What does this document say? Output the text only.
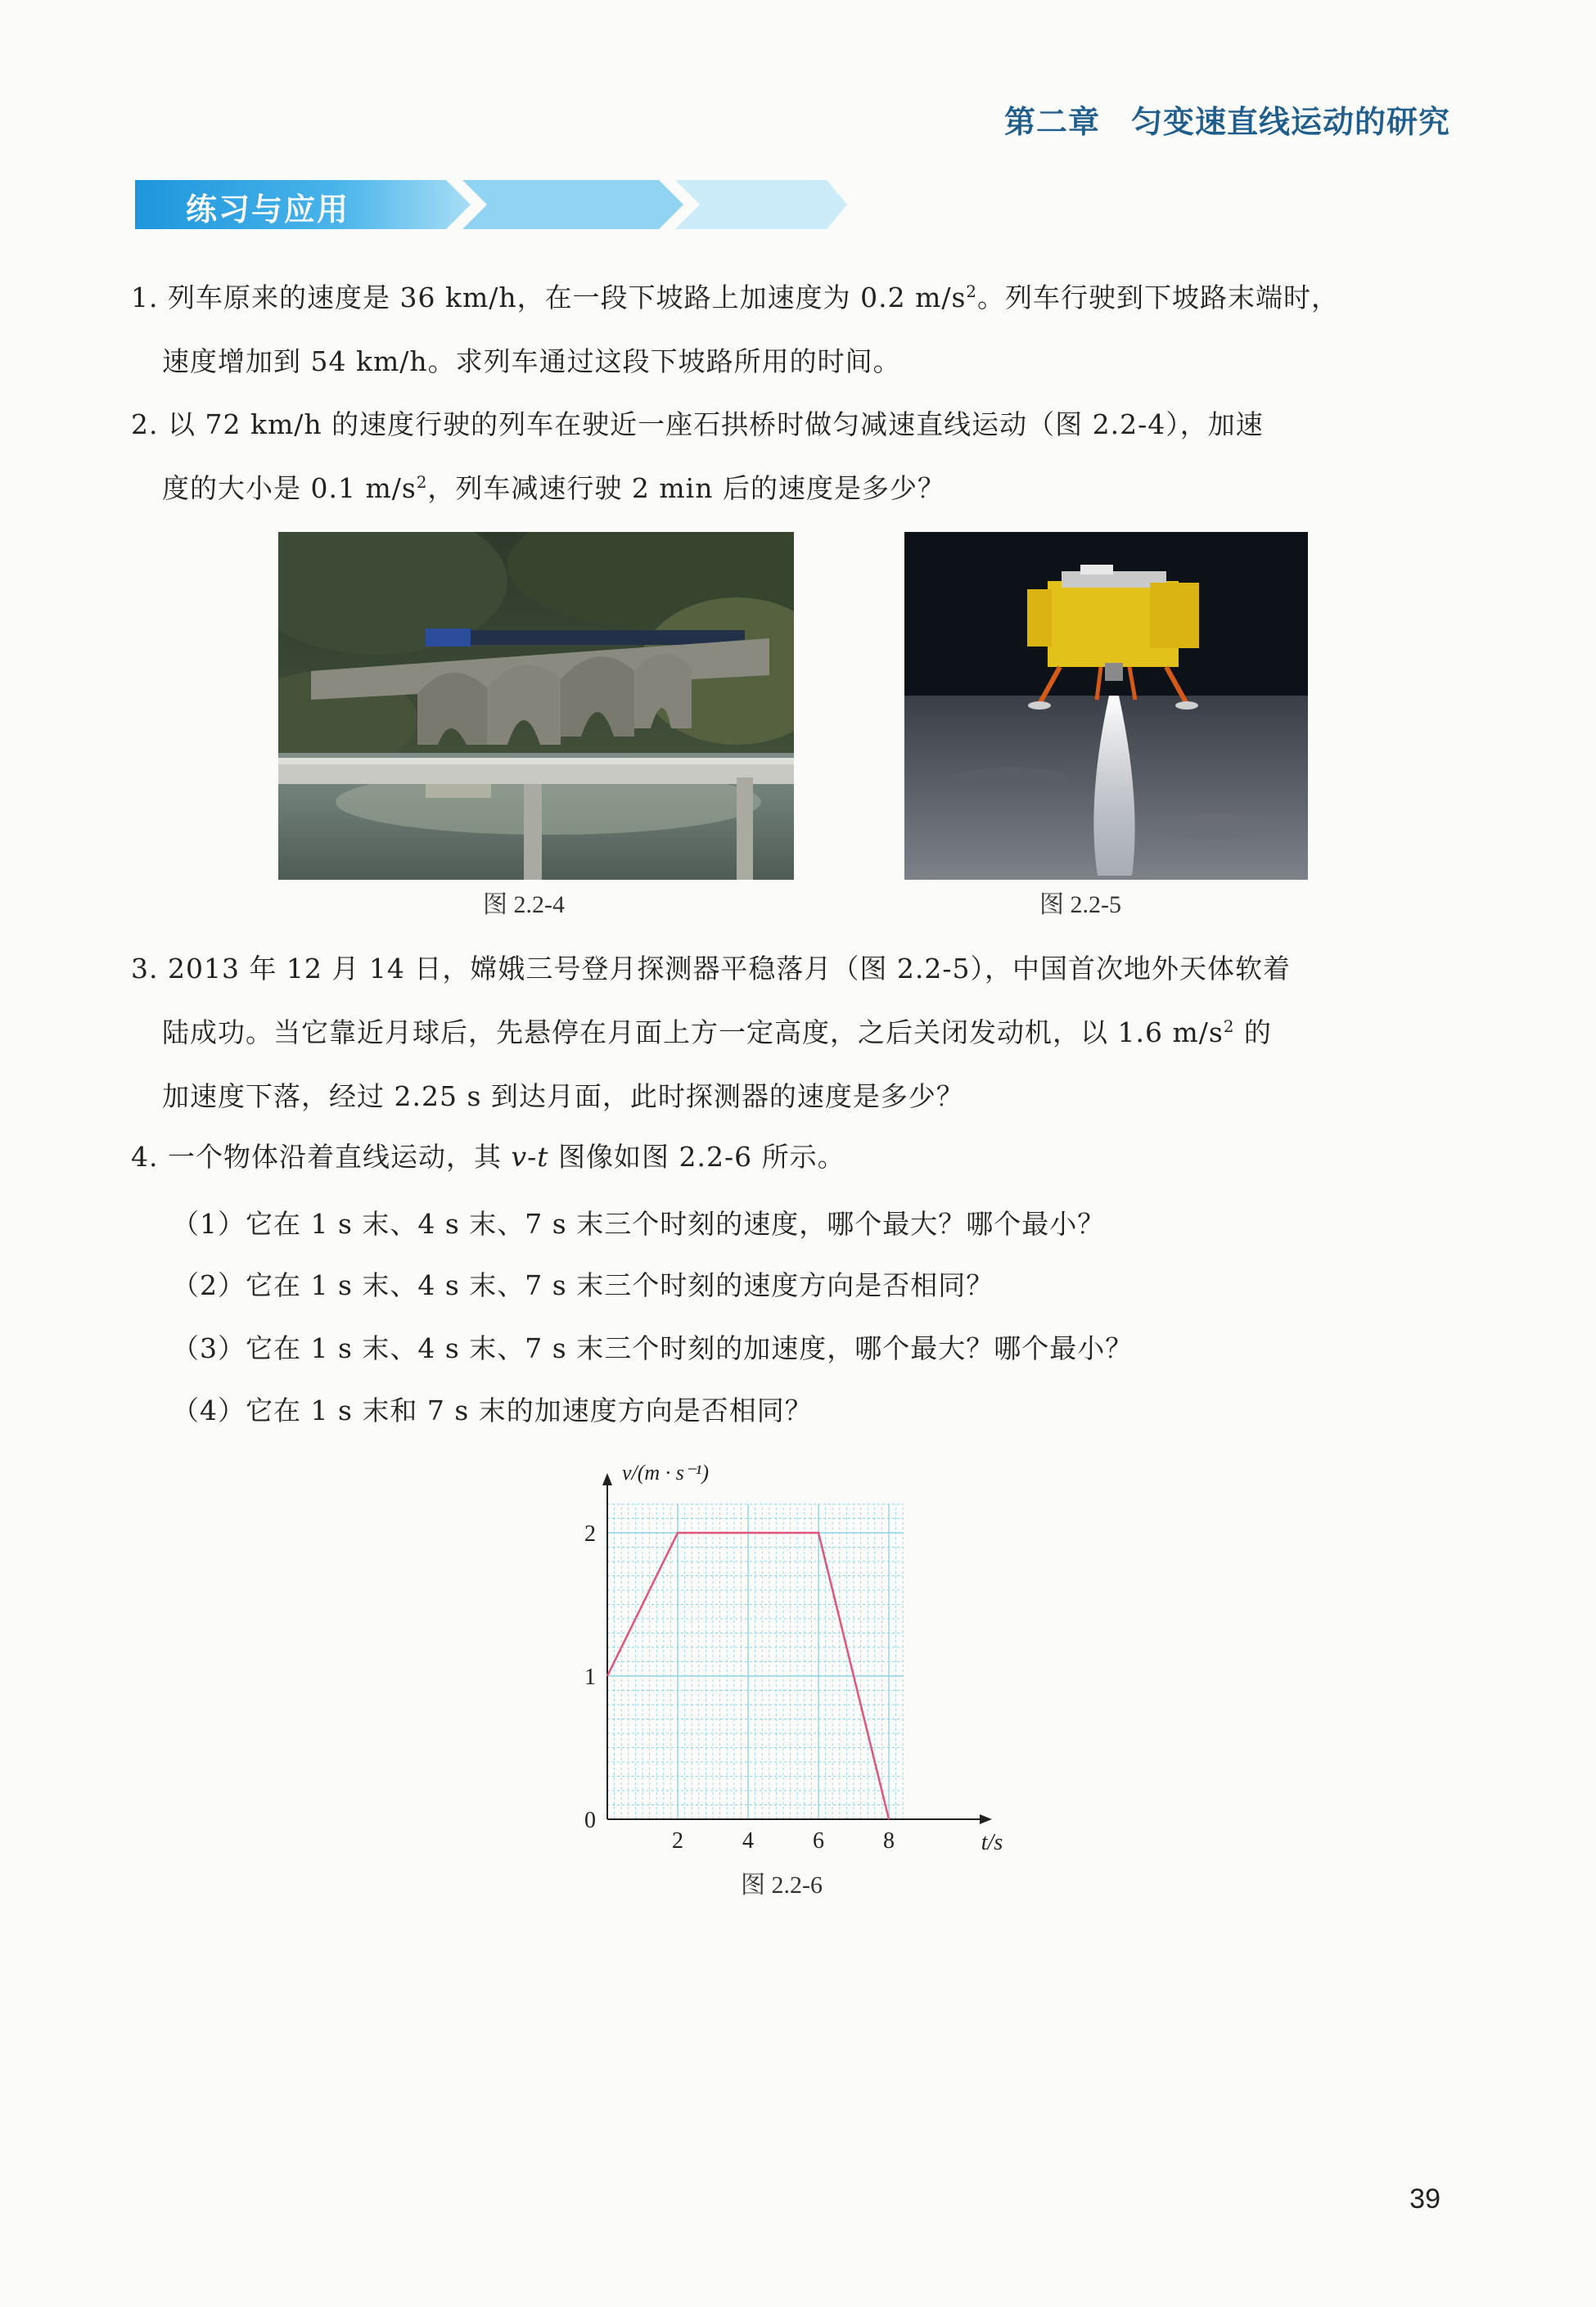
第二章 匀变速直线运动的研究
练习与应用
1. 列车原来的速度是 36 km/h，在一段下坡路上加速度为 0.2 $m/s^2$。列车行驶到下坡路末端时，
速度增加到 54 km/h。求列车通过这段下坡路所用的时间。
2. 以 72 km/h 的速度行驶的列车在驶近一座石拱桥时做匀减速直线运动（图 2.2-4），加速
度的大小是 0.1 $m/s^2$，列车减速行驶 2 min 后的速度是多少？
图 2.2-4	图 2.2-5
3. 2013 年 12 月 14 日，嫦娥三号登月探测器平稳落月（图 2.2-5），中国首次地外天体软着
陆成功。当它靠近月球后，先悬停在月面上方一定高度，之后关闭发动机，以 1.6 $m/s^2$ 的
加速度下落，经过 2.25 s 到达月面，此时探测器的速度是多少？
4. 一个物体沿着直线运动，其 v-t 图像如图 2.2-6 所示。
（1）它在 1 s 末、4 s 末、7 s 末三个时刻的速度，哪个最大？哪个最小？
（2）它在 1 s 末、4 s 末、7 s 末三个时刻的速度方向是否相同？
（3）它在 1 s 末、4 s 末、7 s 末三个时刻的加速度，哪个最大？哪个最小？
（4）它在 1 s 末和 7 s 末的加速度方向是否相同？
2	4	6	8
0
1
2
t/s
v/(m · s⁻¹)
图 2.2-6
39
